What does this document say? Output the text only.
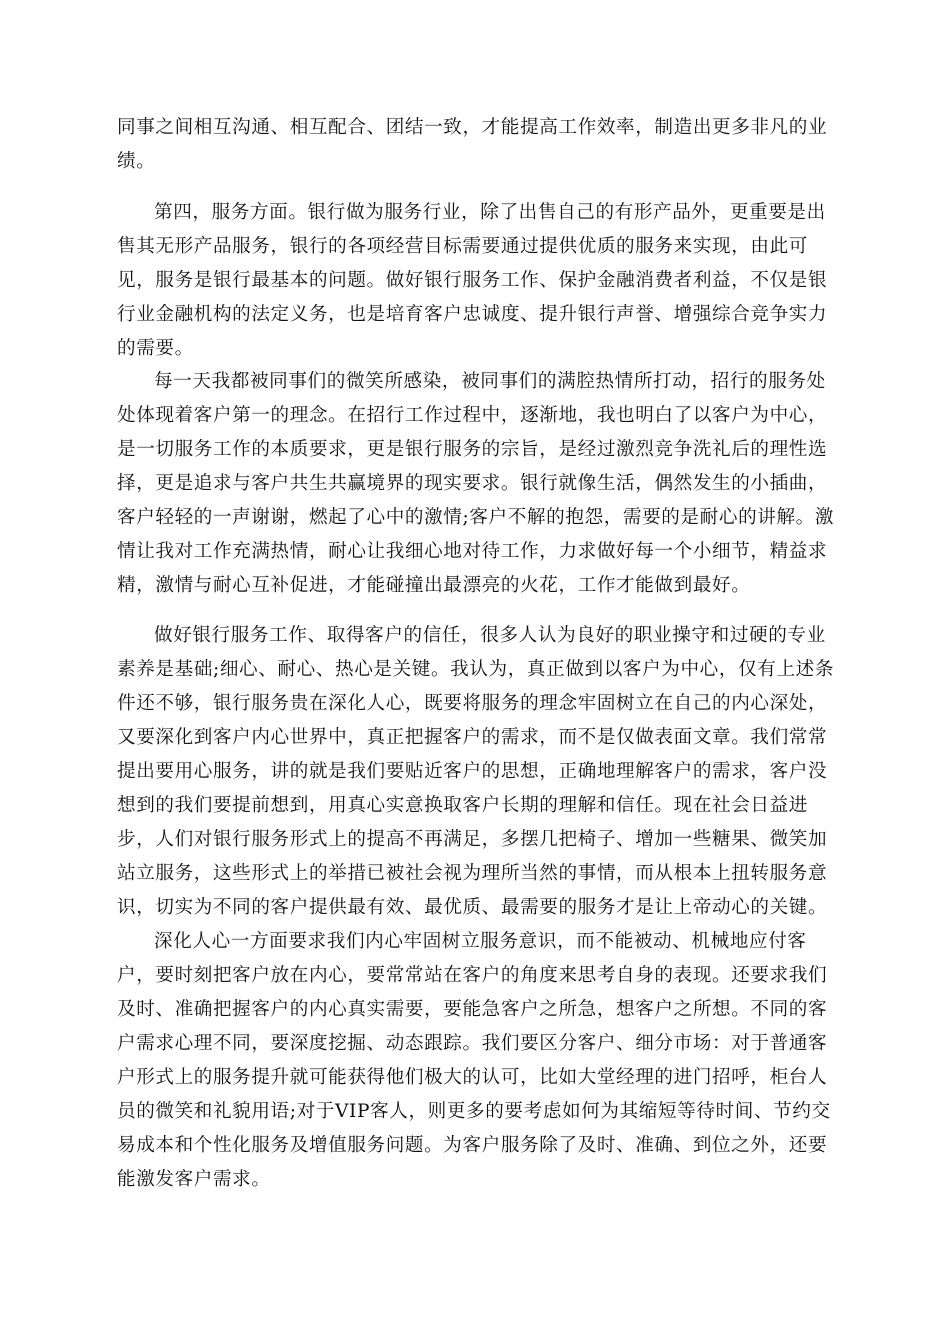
同事之间相互沟通、相互配合、团结一致，才能提高工作效率，制造出更多非凡的业
绩。
第四，服务方面。银行做为服务行业，除了出售自己的有形产品外，更重要是出
售其无形产品服务，银行的各项经营目标需要通过提供优质的服务来实现，由此可
见，服务是银行最基本的问题。做好银行服务工作、保护金融消费者利益，不仅是银
行业金融机构的法定义务，也是培育客户忠诚度、提升银行声誉、增强综合竞争实力
的需要。
每一天我都被同事们的微笑所感染，被同事们的满腔热情所打动，招行的服务处
处体现着客户第一的理念。在招行工作过程中，逐渐地，我也明白了以客户为中心，
是一切服务工作的本质要求，更是银行服务的宗旨，是经过激烈竞争洗礼后的理性选
择，更是追求与客户共生共赢境界的现实要求。银行就像生活，偶然发生的小插曲，
客户轻轻的一声谢谢，燃起了心中的激情;客户不解的抱怨，需要的是耐心的讲解。激
情让我对工作充满热情，耐心让我细心地对待工作，力求做好每一个小细节，精益求
精，激情与耐心互补促进，才能碰撞出最漂亮的火花，工作才能做到最好。
做好银行服务工作、取得客户的信任，很多人认为良好的职业操守和过硬的专业
素养是基础;细心、耐心、热心是关键。我认为，真正做到以客户为中心，仅有上述条
件还不够，银行服务贵在深化人心，既要将服务的理念牢固树立在自己的内心深处，
又要深化到客户内心世界中，真正把握客户的需求，而不是仅做表面文章。我们常常
提出要用心服务，讲的就是我们要贴近客户的思想，正确地理解客户的需求，客户没
想到的我们要提前想到，用真心实意换取客户长期的理解和信任。现在社会日益进
步，人们对银行服务形式上的提高不再满足，多摆几把椅子、增加一些糖果、微笑加
站立服务，这些形式上的举措已被社会视为理所当然的事情，而从根本上扭转服务意
识，切实为不同的客户提供最有效、最优质、最需要的服务才是让上帝动心的关键。
深化人心一方面要求我们内心牢固树立服务意识，而不能被动、机械地应付客
户，要时刻把客户放在内心，要常常站在客户的角度来思考自身的表现。还要求我们
及时、准确把握客户的内心真实需要，要能急客户之所急，想客户之所想。不同的客
户需求心理不同，要深度挖掘、动态跟踪。我们要区分客户、细分市场：对于普通客
户形式上的服务提升就可能获得他们极大的认可，比如大堂经理的进门招呼，柜台人
员的微笑和礼貌用语;对于VIP客人，则更多的要考虑如何为其缩短等待时间、节约交
易成本和个性化服务及增值服务问题。为客户服务除了及时、准确、到位之外，还要
能激发客户需求。
